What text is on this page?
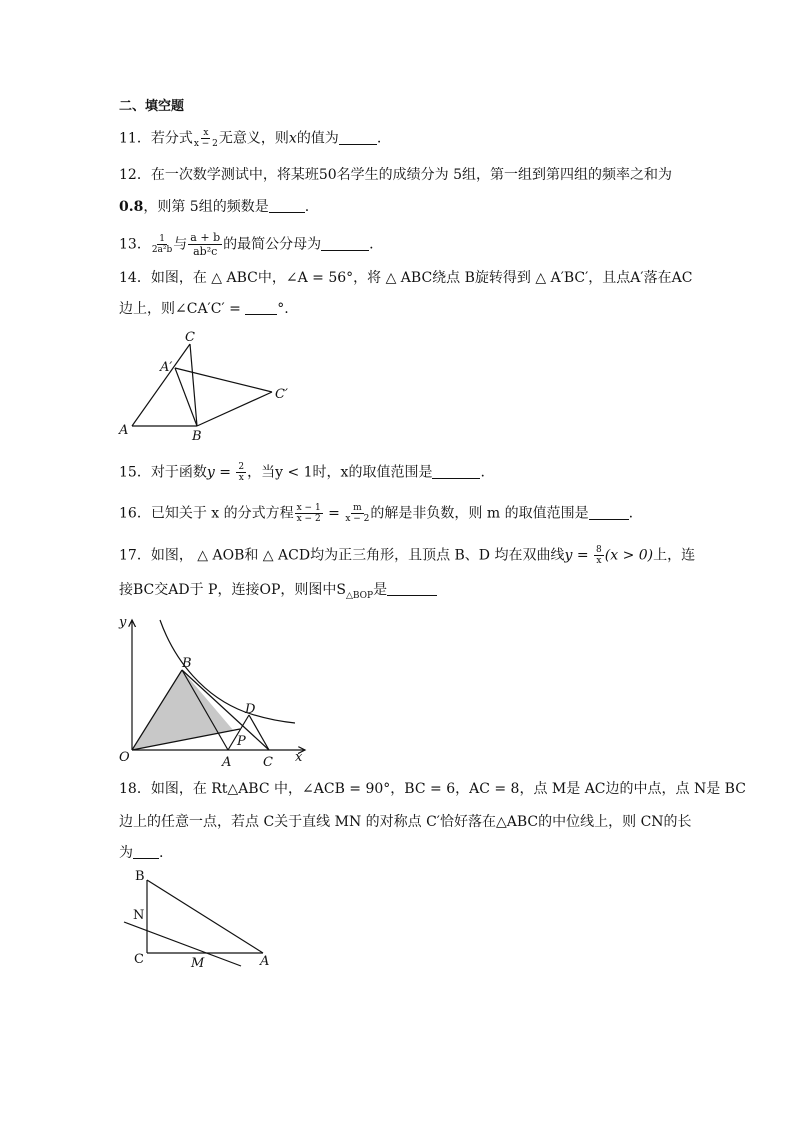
二、填空题
11．若分式 $\frac{x}{x - 2}$ 无意义，则x的值为	.
12．在一次数学测试中，将某班50名学生的成绩分为 5组，第一组到第四组的频率之和为
0.8，则第 5组的频数是	.
13． $\frac{1}{\text{2a²b}}$ 与 $\frac{a + b}{\text{ab²c}}$ 的最简公分母为	.
14．如图，在 △ ABC中，∠A = 56°，将 △ ABC绕点 B旋转得到 △ A′BC′，且点A′落在AC
边上，则∠CA′C′ = °.
C
A′
C′
A	B
15．对于函数$y = \frac{2}{x}$ ，当y < 1时，x的取值范围是	.
16．已知关于 x 的分式方程 $\frac{x - 1}{x - 2} = \frac{m}{x - 2}$ 的解是非负数，则 m 的取值范围是	.
17．如图， △ AOB和 △ ACD均为正三角形，且顶点 B、D 均在双曲线$y = \frac{8}{x} (x > 0)$上，连
接BC交AD于 P，连接OP，则图中$S_{\triangle BOP}$是
y
B
D
P
O	A C x
18．如图，在 Rt△ABC 中，∠ACB = 90°，BC = 6，AC = 8，点 M是 AC边的中点，点 N是 BC
边上的任意一点，若点 C关于直线 MN 的对称点 C′恰好落在△ABC的中位线上，则 CN的长
为 .
B
N
C	M	A
